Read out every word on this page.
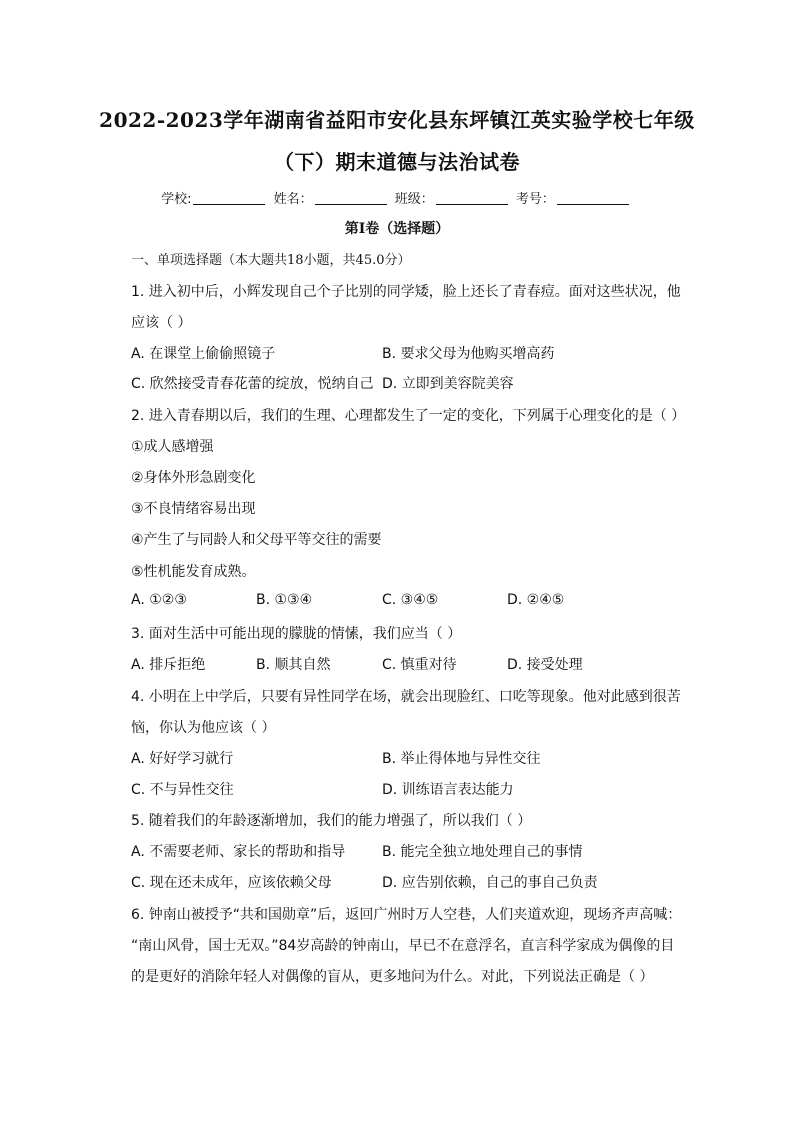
2022-2023学年湖南省益阳市安化县东坪镇江英实验学校七年级
（下）期末道德与法治试卷
学校:	姓名：	班级：	考号：
第Ⅰ卷（选择题）
一、单项选择题（本大题共18小题，共45.0分）
1. 进入初中后，小辉发现自己个子比别的同学矮，脸上还长了青春痘。面对这些状况，他
应该（ ）
A. 在课堂上偷偷照镜子	B. 要求父母为他购买增高药
C. 欣然接受青春花蕾的绽放，悦纳自己 D. 立即到美容院美容
2. 进入青春期以后，我们的生理、心理都发生了一定的变化，下列属于心理变化的是（ ）
①成人感增强
②身体外形急剧变化
③不良情绪容易出现
④产生了与同龄人和父母平等交往的需要
⑤性机能发育成熟。
A. ①②③	B. ①③④	C. ③④⑤	D. ②④⑤
3. 面对生活中可能出现的朦胧的情愫，我们应当（ ）
A. 排斥拒绝	B. 顺其自然	C. 慎重对待	D. 接受处理
4. 小明在上中学后，只要有异性同学在场，就会出现脸红、口吃等现象。他对此感到很苦
恼，你认为他应该（ ）
A. 好好学习就行	B. 举止得体地与异性交往
C. 不与异性交往	D. 训练语言表达能力
5. 随着我们的年龄逐渐增加，我们的能力增强了，所以我们（ ）
A. 不需要老师、家长的帮助和指导	B. 能完全独立地处理自己的事情
C. 现在还未成年，应该依赖父母	D. 应告别依赖，自己的事自己负责
6. 钟南山被授予“共和国勋章”后，返回广州时万人空巷，人们夹道欢迎，现场齐声高喊：
“南山风骨，国士无双。”84岁高龄的钟南山，早已不在意浮名，直言科学家成为偶像的目
的是更好的消除年轻人对偶像的盲从，更多地问为什么。对此，下列说法正确是（ ）
